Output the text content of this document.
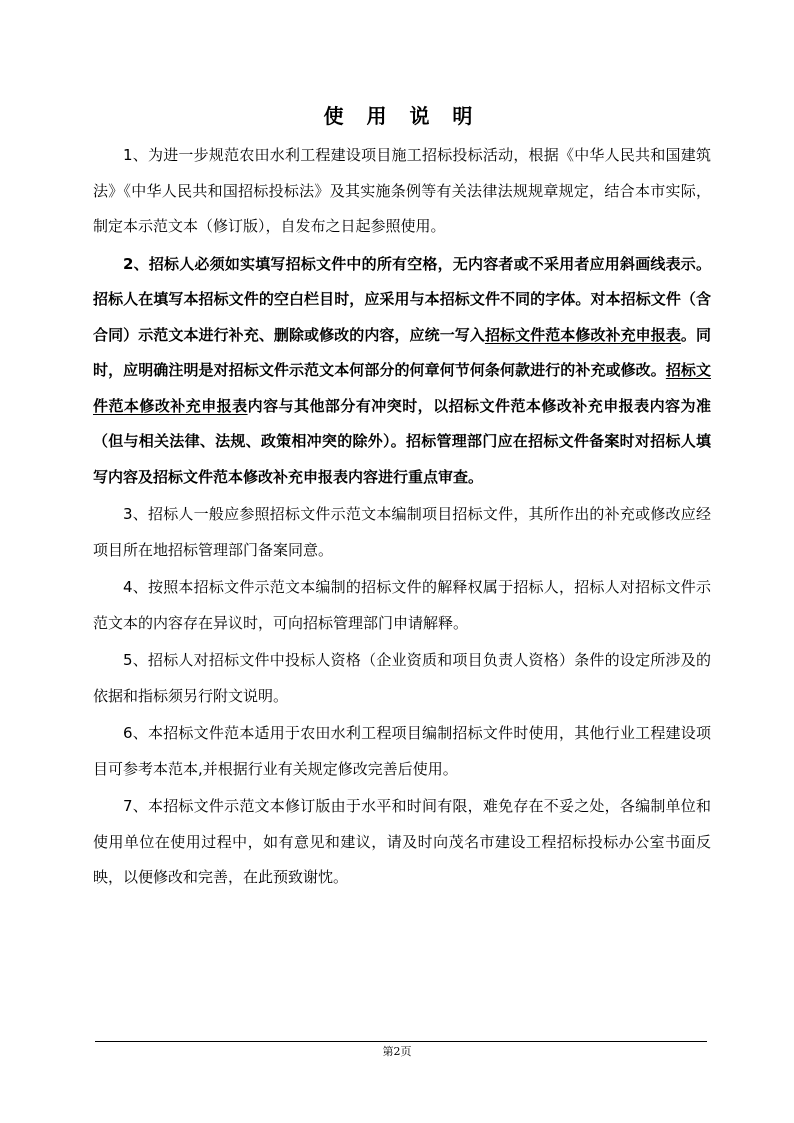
使 用 说 明

1、为进一步规范农田水利工程建设项目施工招标投标活动，根据《中华人民共和国建筑法》《中华人民共和国招标投标法》及其实施条例等有关法律法规规章规定，结合本市实际，制定本示范文本（修订版），自发布之日起参照使用。

2、招标人必须如实填写招标文件中的所有空格，无内容者或不采用者应用斜画线表示。招标人在填写本招标文件的空白栏目时，应采用与本招标文件不同的字体。对本招标文件（含合同）示范文本进行补充、删除或修改的内容，应统一写入招标文件范本修改补充申报表。同时，应明确注明是对招标文件示范文本何部分的何章何节何条何款进行的补充或修改。招标文件范本修改补充申报表内容与其他部分有冲突时，以招标文件范本修改补充申报表内容为准（但与相关法律、法规、政策相冲突的除外）。招标管理部门应在招标文件备案时对招标人填写内容及招标文件范本修改补充申报表内容进行重点审查。

3、招标人一般应参照招标文件示范文本编制项目招标文件，其所作出的补充或修改应经项目所在地招标管理部门备案同意。

4、按照本招标文件示范文本编制的招标文件的解释权属于招标人，招标人对招标文件示范文本的内容存在异议时，可向招标管理部门申请解释。

5、招标人对招标文件中投标人资格（企业资质和项目负责人资格）条件的设定所涉及的依据和指标须另行附文说明。

6、本招标文件范本适用于农田水利工程项目编制招标文件时使用，其他行业工程建设项目可参考本范本,并根据行业有关规定修改完善后使用。

7、本招标文件示范文本修订版由于水平和时间有限，难免存在不妥之处，各编制单位和使用单位在使用过程中，如有意见和建议，请及时向茂名市建设工程招标投标办公室书面反映，以便修改和完善，在此预致谢忱。

第2页
